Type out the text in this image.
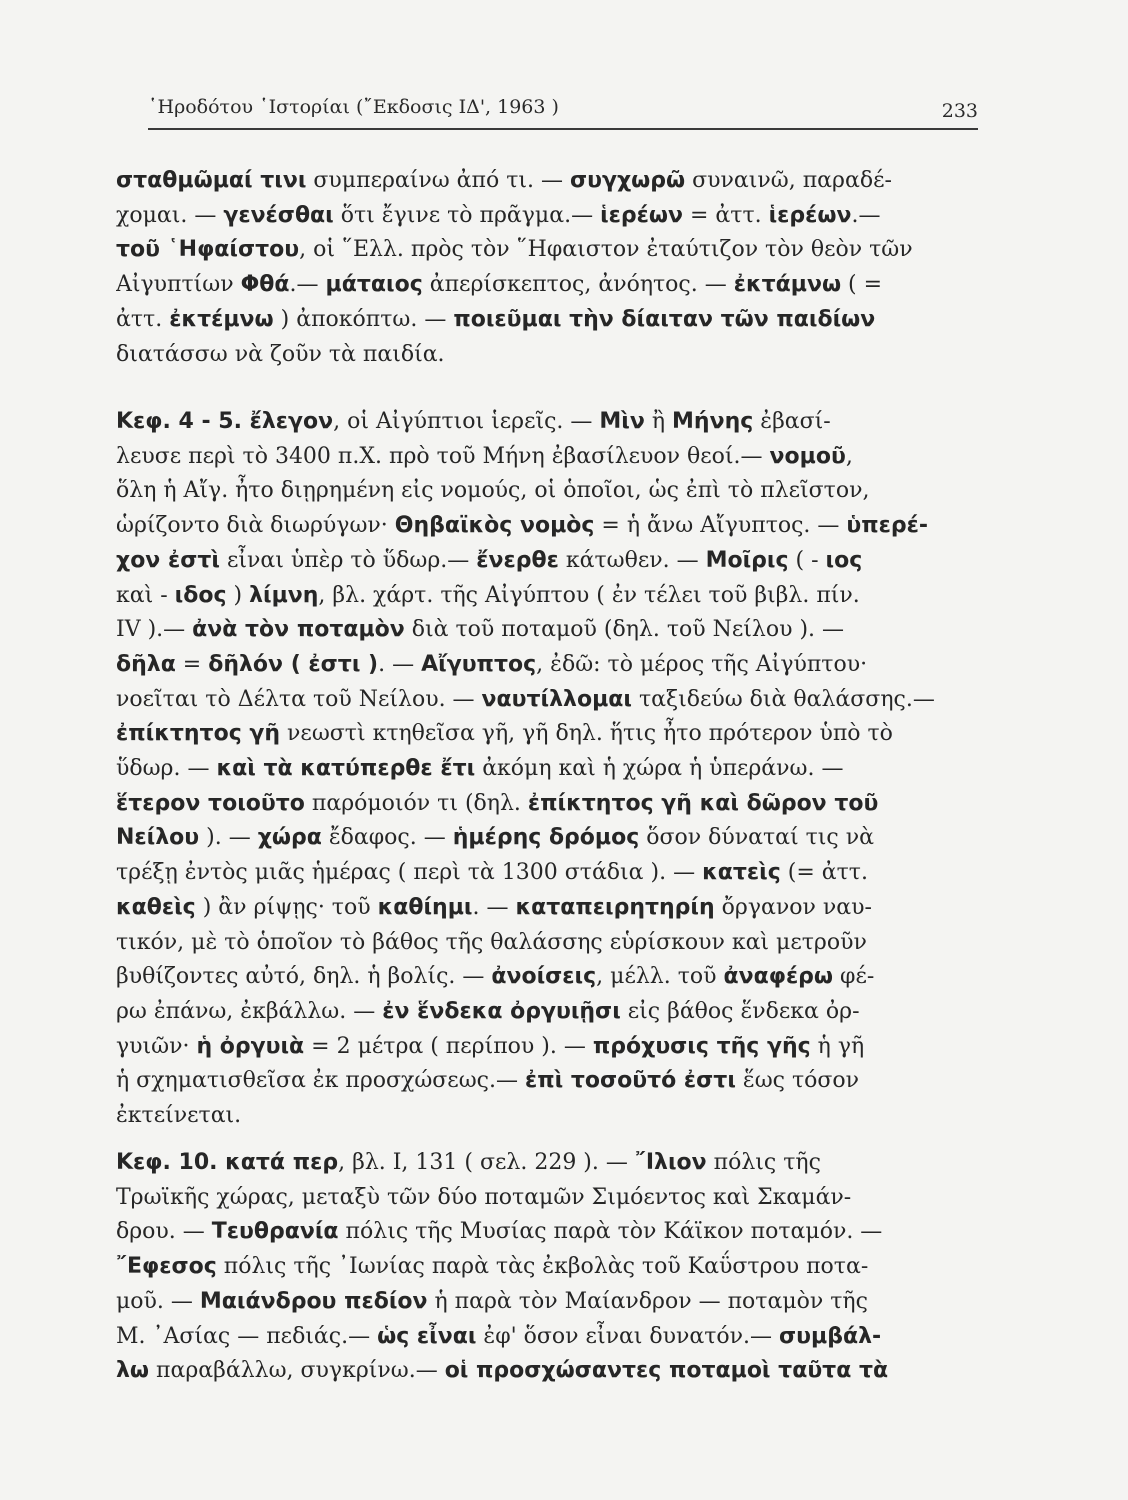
῾Ηροδότου ῾Ιστορίαι (῎Εκδοσις ΙΔ', 1963 )	233
σταθμῶμαί τινι συμπεραίνω ἀπό τι. — συγχωρῶ συναινῶ, παραδέ-
χομαι. — γενέσθαι ὅτι ἔγινε τὸ πρᾶγμα.— ἱερέων = ἀττ. ἱερέων.—
τοῦ ῾Ηφαίστου, οἱ ῞Ελλ. πρὸς τὸν ῞Ηφαιστον ἐταύτιζον τὸν θεὸν τῶν
Αἰγυπτίων Φθά.— μάταιος ἀπερίσκεπτος, ἀνόητος. — ἐκτάμνω ( =
ἀττ. ἐκτέμνω ) ἀποκόπτω. — ποιεῦμαι τὴν δίαιταν τῶν παιδίων
διατάσσω νὰ ζοῦν τὰ παιδία.
Κεφ. 4 - 5. ἔλεγον, οἱ Αἰγύπτιοι ἱερεῖς. — Μὶν ἢ Μήνης ἐβασί-
λευσε περὶ τὸ 3400 π.Χ. πρὸ τοῦ Μήνη ἐβασίλευον θεοί.— νομοῦ,
ὅλη ἡ Αἴγ. ἦτο διῃρημένη εἰς νομούς, οἱ ὁποῖοι, ὡς ἐπὶ τὸ πλεῖστον,
ὡρίζοντο διὰ διωρύγων· Θηβαϊκὸς νομὸς = ἡ ἄνω Αἴγυπτος. — ὑπερέ-
χον ἐστὶ εἶναι ὑπὲρ τὸ ὕδωρ.— ἔνερθε κάτωθεν. — Μοῖρις ( - ιος
καὶ - ιδος ) λίμνη, βλ. χάρτ. τῆς Αἰγύπτου ( ἐν τέλει τοῦ βιβλ. πίν.
IV ).— ἀνὰ τὸν ποταμὸν διὰ τοῦ ποταμοῦ (δηλ. τοῦ Νείλου ). —
δῆλα = δῆλόν ( ἐστι ). — Αἴγυπτος, ἐδῶ: τὸ μέρος τῆς Αἰγύπτου·
νοεῖται τὸ Δέλτα τοῦ Νείλου. — ναυτίλλομαι ταξιδεύω διὰ θαλάσσης.—
ἐπίκτητος γῆ νεωστὶ κτηθεῖσα γῆ, γῆ δηλ. ἥτις ἦτο πρότερον ὑπὸ τὸ
ὕδωρ. — καὶ τὰ κατύπερθε ἔτι ἀκόμη καὶ ἡ χώρα ἡ ὑπεράνω. —
ἕτερον τοιοῦτο παρόμοιόν τι (δηλ. ἐπίκτητος γῆ καὶ δῶρον τοῦ
Νείλου ). — χώρα ἔδαφος. — ἡμέρης δρόμος ὅσον δύναταί τις νὰ
τρέξῃ ἐντὸς μιᾶς ἡμέρας ( περὶ τὰ 1300 στάδια ). — κατεὶς (= ἀττ.
καθεὶς ) ἂν ρίψῃς· τοῦ καθίημι. — καταπειρητηρίη ὄργανον ναυ-
τικόν, μὲ τὸ ὁποῖον τὸ βάθος τῆς θαλάσσης εὑρίσκουν καὶ μετροῦν
βυθίζοντες αὐτό, δηλ. ἡ βολίς. — ἀνοίσεις, μέλλ. τοῦ ἀναφέρω φέ-
ρω ἐπάνω, ἐκβάλλω. — ἐν ἕνδεκα ὀργυιῇσι εἰς βάθος ἕνδεκα ὀρ-
γυιῶν· ἡ ὀργυιὰ = 2 μέτρα ( περίπου ). — πρόχυσις τῆς γῆς ἡ γῆ
ἡ σχηματισθεῖσα ἐκ προσχώσεως.— ἐπὶ τοσοῦτό ἐστι ἕως τόσον
ἐκτείνεται.
Κεφ. 10. κατά περ, βλ. I, 131 ( σελ. 229 ). — ῎Ιλιον πόλις τῆς
Τρωϊκῆς χώρας, μεταξὺ τῶν δύο ποταμῶν Σιμόεντος καὶ Σκαμάν-
δρου. — Τευθρανία πόλις τῆς Μυσίας παρὰ τὸν Κάϊκον ποταμόν. —
῎Εφεσος πόλις τῆς ᾽Ιωνίας παρὰ τὰς ἐκβολὰς τοῦ Καΰστρου ποτα-
μοῦ. — Μαιάνδρου πεδίον ἡ παρὰ τὸν Μαίανδρον — ποταμὸν τῆς
Μ. ᾽Ασίας — πεδιάς.— ὡς εἶναι ἐφ' ὅσον εἶναι δυνατόν.— συμβάλ-
λω παραβάλλω, συγκρίνω.— οἱ προσχώσαντες ποταμοὶ ταῦτα τὰ
